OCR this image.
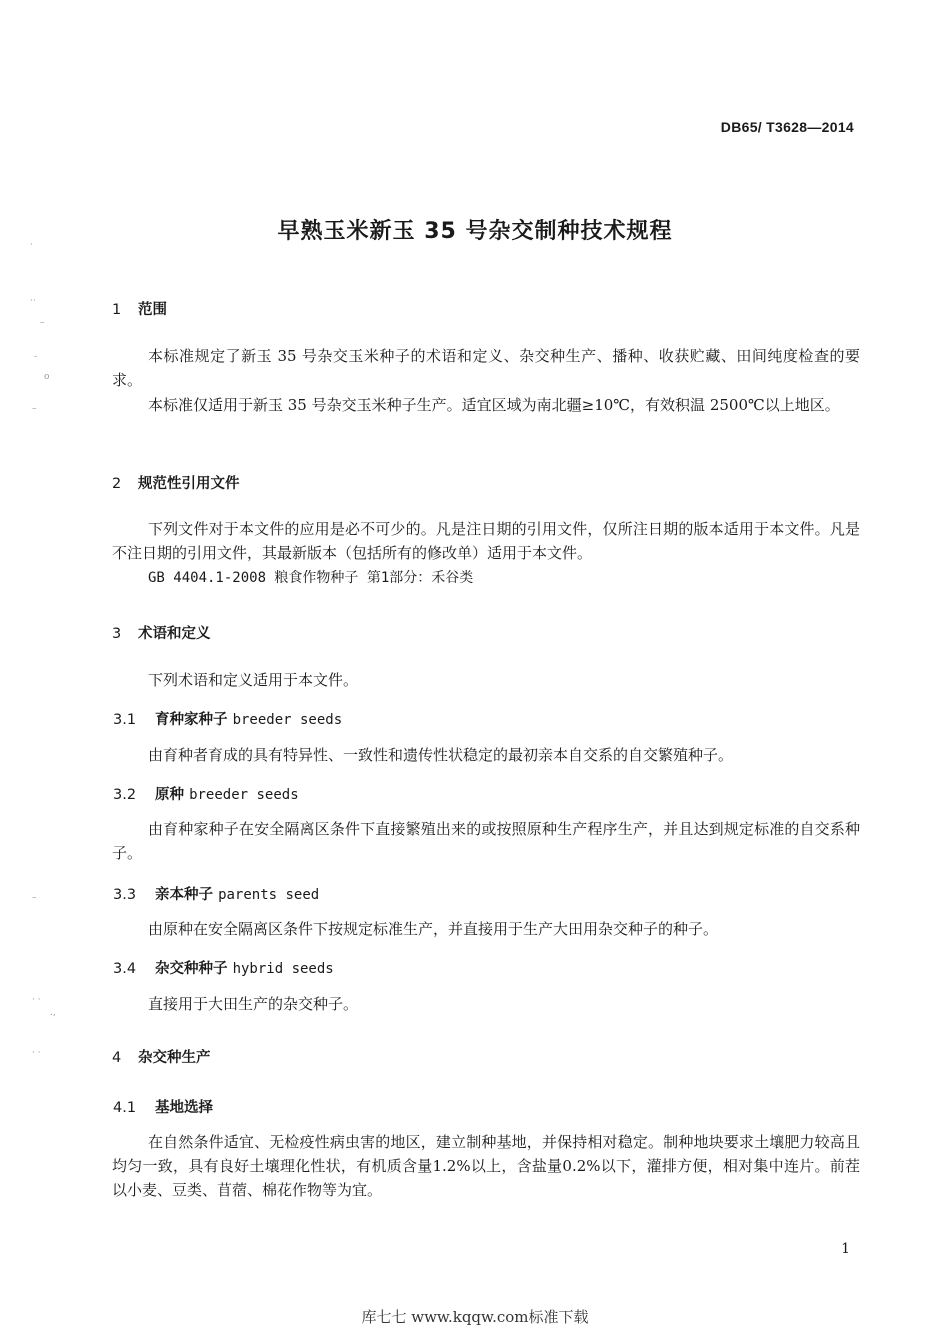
·
··
–
-
o
–
–
· ·
.,
· ·
DB65/ T3628—2014
早熟玉米新玉 35 号杂交制种技术规程
1 范围

本标准规定了新玉 35 号杂交玉米种子的术语和定义、杂交种生产、播种、收获贮藏、田间纯度检查的要求。

本标准仅适用于新玉 35 号杂交玉米种子生产。适宜区域为南北疆≥10℃，有效积温 2500℃以上地区。

2 规范性引用文件

下列文件对于本文件的应用是必不可少的。凡是注日期的引用文件，仅所注日期的版本适用于本文件。凡是不注日期的引用文件，其最新版本（包括所有的修改单）适用于本文件。

GB 4404.1-2008 粮食作物种子 第1部分：禾谷类

3 术语和定义

下列术语和定义适用于本文件。

3.1 育种家种子 breeder seeds

由育种者育成的具有特异性、一致性和遗传性状稳定的最初亲本自交系的自交繁殖种子。

3.2 原种 breeder seeds

由育种家种子在安全隔离区条件下直接繁殖出来的或按照原种生产程序生产，并且达到规定标准的自交系种子。

3.3 亲本种子 parents seed

由原种在安全隔离区条件下按规定标准生产，并直接用于生产大田用杂交种子的种子。

3.4 杂交种种子 hybrid seeds

直接用于大田生产的杂交种子。

4 杂交种生产
4.1 基地选择

在自然条件适宜、无检疫性病虫害的地区，建立制种基地，并保持相对稳定。制种地块要求土壤肥力较高且均匀一致，具有良好土壤理化性状，有机质含量1.2%以上，含盐量0.2%以下，灌排方便，相对集中连片。前茬以小麦、豆类、苜蓿、棉花作物等为宜。

1
库七七 www.kqqw.com标准下载
